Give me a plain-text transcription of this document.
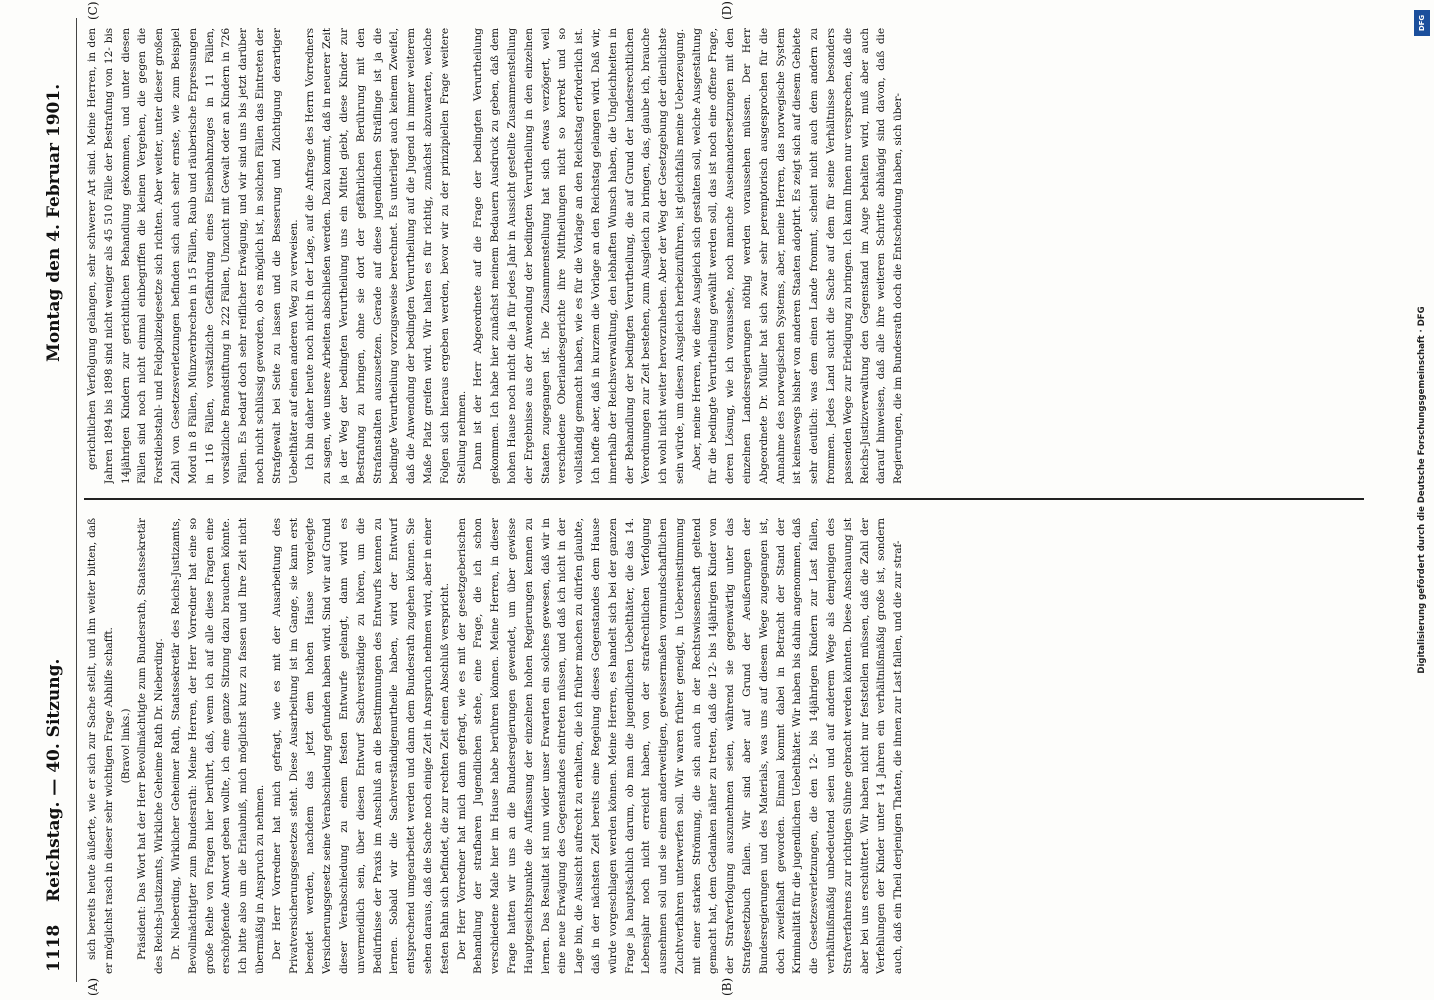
1118
Reichstag. — 40. Sitzung.
Montag den 4. Februar 1901.
(A)	(B)
(C)	(D)

sich bereits heute äußerte, wie er sich zur Sache stellt, und ihn weiter bitten, daß er möglichst rasch in dieser sehr wichtigen Frage Abhilfe schafft. (Bravo! links.) Präsident: Das Wort hat der Herr Bevollmächtigte zum Bundesrath, Staatssekretär des Reichs-Justizamts, Wirkliche Geheime Rath Dr. Nieberding. Dr. Nieberding, Wirklicher Geheimer Rath, Staatssekretär des Reichs-Justizamts, Bevollmächtigter zum Bundesrath: Meine Herren, der Herr Vorredner hat eine so große Reihe von Fragen hier berührt, daß, wenn ich auf alle diese Fragen eine erschöpfende Antwort geben wollte, ich eine ganze Sitzung dazu brauchen könnte. Ich bitte also um die Erlaubniß, mich möglichst kurz zu fassen und Ihre Zeit nicht übermäßig in Anspruch zu nehmen. Der Herr Vorredner hat mich gefragt, wie es mit der Ausarbeitung des Privatversicherungsgesetzes steht. Diese Ausarbeitung ist im Gange, sie kann erst beendet werden, nachdem das jetzt dem hohen Hause vorgelegte Versicherungsgesetz seine Verabschiedung gefunden haben wird. Sind wir auf Grund dieser Verabschiedung zu einem festen Entwurfe gelangt, dann wird es unvermeidlich sein, über diesen Entwurf Sachverständige zu hören, um die Bedürfnisse der Praxis im Anschluß an die Bestimmungen des Entwurfs kennen zu lernen. Sobald wir die Sachverständigenurtheile haben, wird der Entwurf entsprechend umgearbeitet werden und dann dem Bundesrath zugehen können. Sie sehen daraus, daß die Sache noch einige Zeit in Anspruch nehmen wird, aber in einer festen Bahn sich befindet, die zur rechten Zeit einen Abschluß verspricht. Der Herr Vorredner hat mich dann gefragt, wie es mit der gesetzgeberischen Behandlung der strafbaren Jugendlichen stehe, eine Frage, die ich schon verschiedene Male hier im Hause habe berühren können. Meine Herren, in dieser Frage hatten wir uns an die Bundesregierungen gewendet, um über gewisse Hauptgesichtspunkte die Auffassung der einzelnen hohen Regierungen kennen zu lernen. Das Resultat ist nun wider unser Erwarten ein solches gewesen, daß wir in eine neue Erwägung des Gegenstandes eintreten müssen, und daß ich nicht in der Lage bin, die Aussicht aufrecht zu erhalten, die ich früher machen zu dürfen glaubte, daß in der nächsten Zeit bereits eine Regelung dieses Gegenstandes dem Hause würde vorgeschlagen werden können. Meine Herren, es handelt sich bei der ganzen Frage ja hauptsächlich darum, ob man die jugendlichen Uebelthäter, die das 14. Lebensjahr noch nicht erreicht haben, von der strafrechtlichen Verfolgung ausnehmen soll und sie einem anderweitigen, gewissermaßen vormundschaftlichen Zuchtverfahren unterwerfen soll. Wir waren früher geneigt, in Uebereinstimmung mit einer starken Strömung, die sich auch in der Rechtswissenschaft geltend gemacht hat, dem Gedanken näher zu treten, daß die 12- bis 14jährigen Kinder von der Strafverfolgung auszunehmen seien, während sie gegenwärtig unter das Strafgesetzbuch fallen. Wir sind aber auf Grund der Aeußerungen der Bundesregierungen und des Materials, was uns auf diesem Wege zugegangen ist, doch zweifelhaft geworden. Einmal kommt dabei in Betracht der Stand der Kriminalität für die jugendlichen Uebelthäter. Wir haben bis dahin angenommen, daß die Gesetzesverletzungen, die den 12- bis 14jährigen Kindern zur Last fallen, verhältnißmäßig unbedeutend seien und auf anderem Wege als demjenigen des Strafverfahrens zur richtigen Sühne gebracht werden könnten. Diese Anschauung ist aber bei uns erschüttert. Wir haben nicht nur feststellen müssen, daß die Zahl der Verfehlungen der Kinder unter 14 Jahren ein verhältnißmäßig große ist, sondern auch, daß ein Theil derjenigen Thaten, die ihnen zur Last fallen, und die zur straf-

gerichtlichen Verfolgung gelangen, sehr schwerer Art sind. Meine Herren, in den Jahren 1894 bis 1898 sind nicht weniger als 45 510 Fälle der Bestrafung von 12- bis 14jährigen Kindern zur gerichtlichen Behandlung gekommen, und unter diesen Fällen sind noch nicht einmal einbegriffen die kleinen Vergehen, die gegen die Forstdiebstahl- und Feldpolizeigesetze sich richten. Aber weiter, unter dieser großen Zahl von Gesetzesverletzungen befinden sich auch sehr ernste, wie zum Beispiel Mord in 8 Fällen, Münzverbrechen in 15 Fällen, Raub und räuberische Erpressungen in 116 Fällen, vorsätzliche Gefährdung eines Eisenbahnzuges in 11 Fällen, vorsätzliche Brandstiftung in 222 Fällen, Unzucht mit Gewalt oder an Kindern in 726 Fällen. Es bedarf doch sehr reiflicher Erwägung, und wir sind uns bis jetzt darüber noch nicht schlüssig geworden, ob es möglich ist, in solchen Fällen das Eintreten der Strafgewalt bei Seite zu lassen und die Besserung und Züchtigung derartiger Uebelthäter auf einen anderen Weg zu verweisen. Ich bin daher heute noch nicht in der Lage, auf die Anfrage des Herrn Vorredners zu sagen, wie unsere Arbeiten abschließen werden. Dazu kommt, daß in neuerer Zeit ja der Weg der bedingten Verurtheilung uns ein Mittel giebt, diese Kinder zur Bestrafung zu bringen, ohne sie dort der gefährlichen Berührung mit den Strafanstalten auszusetzen. Gerade auf diese jugendlichen Sträflinge ist ja die bedingte Verurtheilung vorzugsweise berechnet. Es unterliegt auch keinem Zweifel, daß die Anwendung der bedingten Verurtheilung auf die Jugend in immer weiterem Maße Platz greifen wird. Wir halten es für richtig, zunächst abzuwarten, welche Folgen sich hieraus ergeben werden, bevor wir zu der prinzipiellen Frage weitere Stellung nehmen. Dann ist der Herr Abgeordnete auf die Frage der bedingten Verurtheilung gekommen. Ich habe hier zunächst meinem Bedauern Ausdruck zu geben, daß dem hohen Hause noch nicht die ja für jedes Jahr in Aussicht gestellte Zusammenstellung der Ergebnisse aus der Anwendung der bedingten Verurtheilung in den einzelnen Staaten zugegangen ist. Die Zusammenstellung hat sich etwas verzögert, weil verschiedene Oberlandesgerichte ihre Mittheilungen nicht so korrekt und so vollständig gemacht haben, wie es für die Vorlage an den Reichstag erforderlich ist. Ich hoffe aber, daß in kurzem die Vorlage an den Reichstag gelangen wird. Daß wir, innerhalb der Reichsverwaltung, den lebhaften Wunsch haben, die Ungleichheiten in der Behandlung der bedingten Verurtheilung, die auf Grund der landesrechtlichen Verordnungen zur Zeit bestehen, zum Ausgleich zu bringen, das, glaube ich, brauche ich wohl nicht weiter hervorzuheben. Aber der Weg der Gesetzgebung der dienlichste sein würde, um diesen Ausgleich herbeizuführen, ist gleichfalls meine Ueberzeugung. Aber, meine Herren, wie diese Ausgleich sich gestalten soll, welche Ausgestaltung für die bedingte Verurtheilung gewählt werden soll, das ist noch eine offene Frage, deren Lösung, wie ich voraussehe, noch manche Auseinandersetzungen mit den einzelnen Landesregierungen nöthig werden voraussehen müssen. Der Herr Abgeordnete Dr. Müller hat sich zwar sehr peremptorisch ausgesprochen für die Annahme des norwegischen Systems, aber, meine Herren, das norwegische System ist keineswegs bisher von anderen Staaten adoptirt. Es zeigt sich auf diesem Gebiete sehr deutlich: was dem einen Lande frommt, scheint nicht auch dem andern zu frommen. Jedes Land sucht die Sache auf dem für seine Verhältnisse besonders passenden Wege zur Erledigung zu bringen. Ich kann Ihnen nur versprechen, daß die Reichs-Justizverwaltung den Gegenstand im Auge behalten wird, muß aber auch darauf hinweisen, daß alle ihre weiteren Schritte abhängig sind davon, daß die Regierungen, die im Bundesrath doch die Entscheidung haben, sich über-

DFG
Digitalisierung gefördert durch die Deutsche Forschungsgemeinschaft · DFG
